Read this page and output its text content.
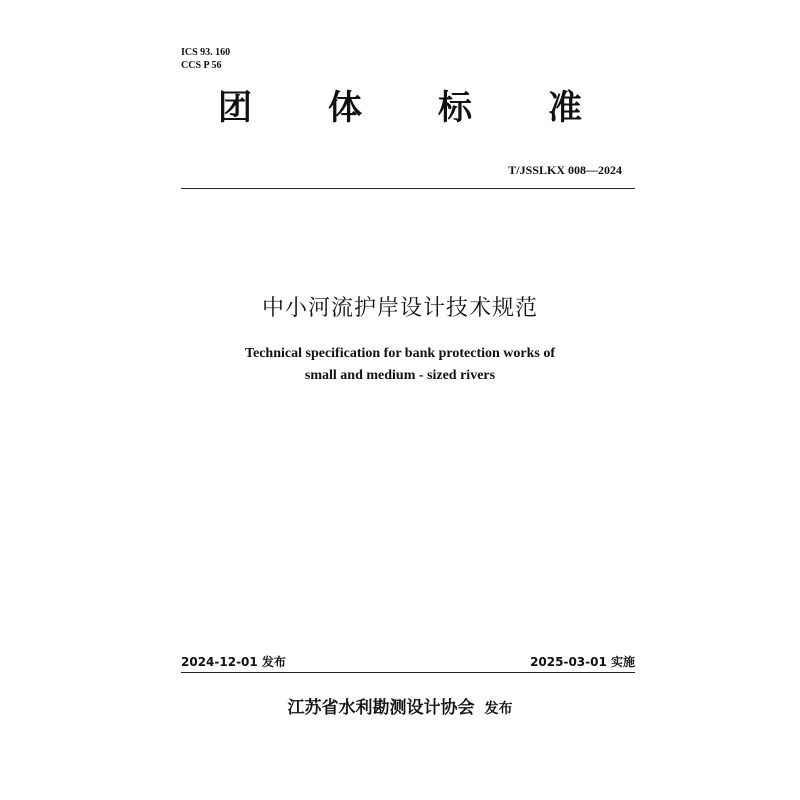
ICS 93. 160
CCS P 56
团	体	标	准
T/JSSLKX 008—2024
中小河流护岸设计技术规范
Technical specification for bank protection works of
small and medium - sized rivers
2024-12-01 发布	2025-03-01 实施
江苏省水利勘测设计协会 发布
